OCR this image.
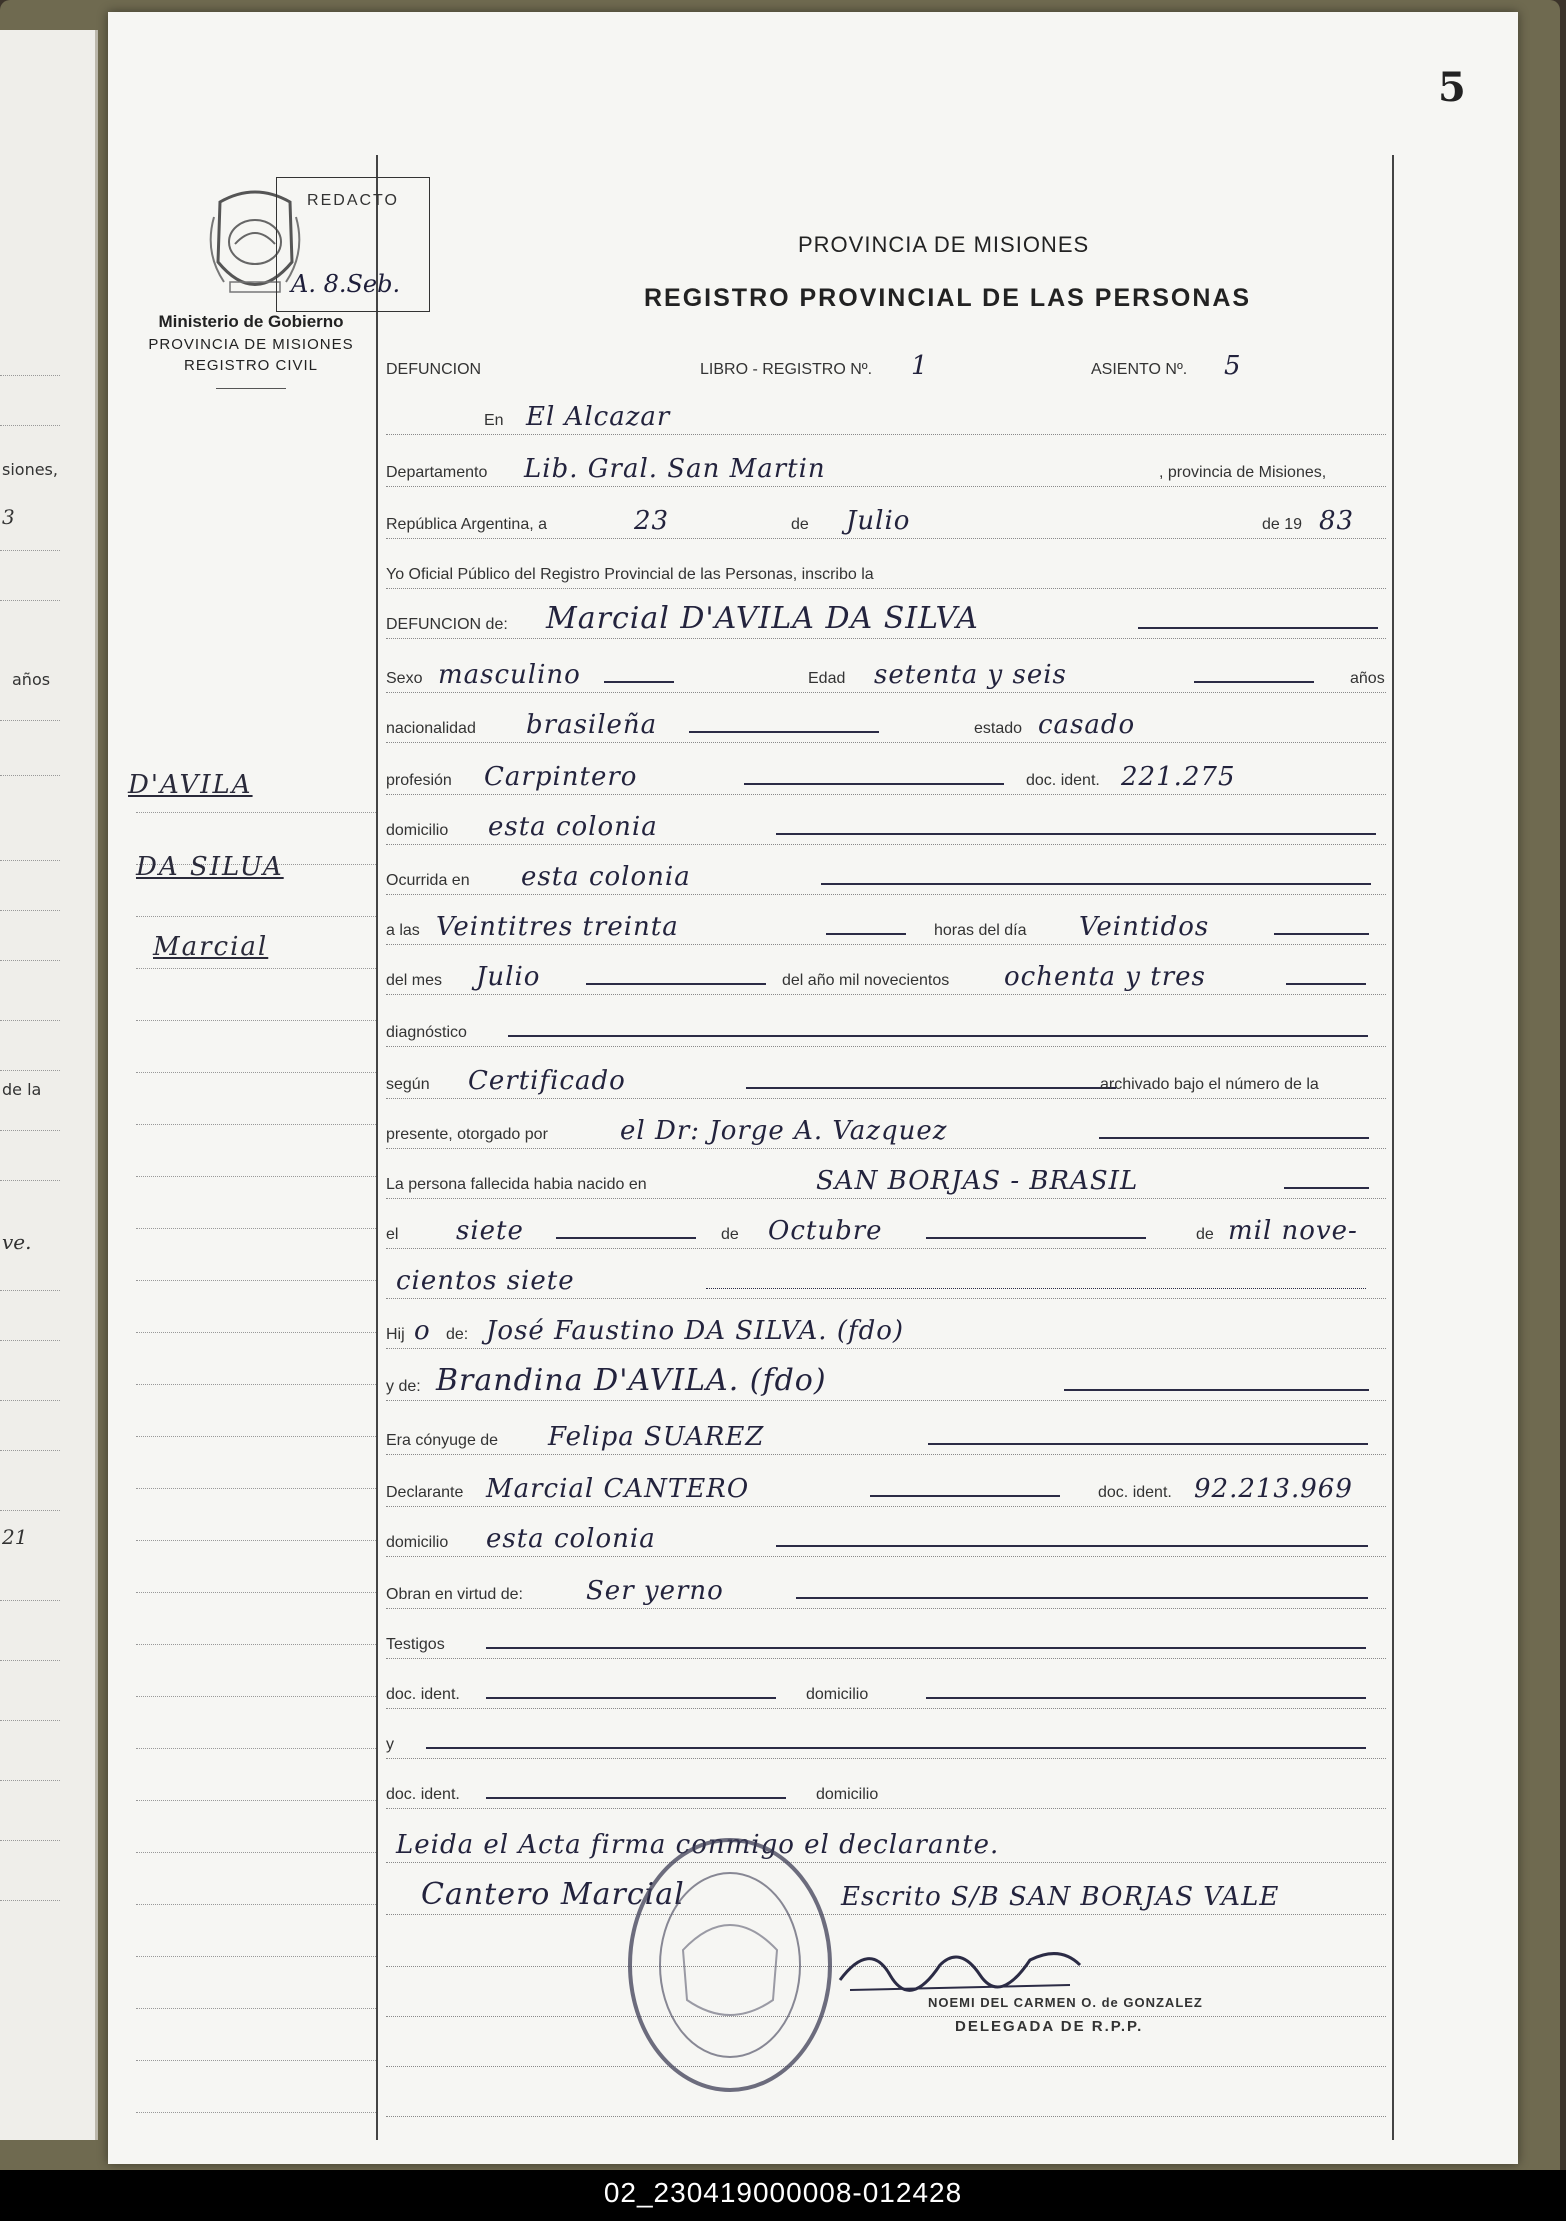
siones,
3
años
de la
ve.
21
5
Ministerio de Gobierno
PROVINCIA DE MISIONES
REGISTRO CIVIL
D'AVILA
DA SILUA
Marcial
REDACTO
A. 8.Seb.
PROVINCIA DE MISIONES
REGISTRO PROVINCIAL DE LAS PERSONAS
DEFUNCION	LIBRO - REGISTRO Nº. 1	ASIENTO Nº. 5
En El Alcazar
Departamento Lib. Gral. San Martin	, provincia de Misiones,
República Argentina, a	23	de Julio	de 19 83
Yo Oficial Público del Registro Provincial de las Personas, inscribo la
DEFUNCION de: Marcial D'AVILA DA SILVA
Sexo masculino	Edad setenta y seis	años
nacionalidad brasileña	estado casado
profesión Carpintero	doc. ident. 221.275
domicilio esta colonia
Ocurrida en esta colonia
a las Veintitres treinta	horas del día Veintidos
del mes Julio	del año mil novecientos ochenta y tres
diagnóstico
según Certificado	archivado bajo el número de la
presente, otorgado por	el Dr: Jorge A. Vazquez
La persona fallecida habia nacido en	SAN BORJAS - BRASIL
el siete	de Octubre	de mil nove-
cientos siete
Hij o de: José Faustino DA SILVA. (fdo)
y de: Brandina D'AVILA. (fdo)
Era cónyuge de Felipa SUAREZ
Declarante Marcial CANTERO	doc. ident. 92.213.969
domicilio esta colonia
Obran en virtud de: Ser yerno
Testigos
doc. ident.	domicilio
y
doc. ident.	domicilio
Leida el Acta firma conmigo el declarante.
Cantero Marcial	Escrito S/B SAN BORJAS VALE
NOEMI DEL CARMEN O. de GONZALEZ
DELEGADA DE R.P.P.
02_230419000008-012428
